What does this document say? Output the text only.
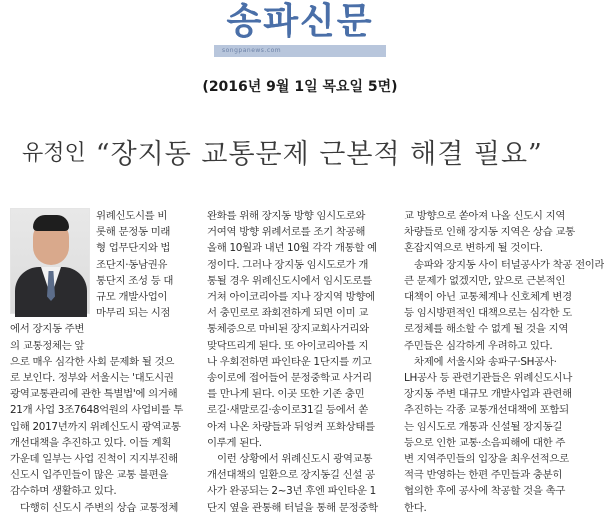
송파신문
songpanews.com
(2016년 9월 1일 목요일 5면)
유정인 “장지동 교통문제 근본적 해결 필요”
위례신도시를 비
롯해 문정동 미래
형 업무단지와 법
조단지·동남권유
통단지 조성 등 대
규모 개발사업이
마무리 되는 시점
에서 장지동 주변
의 교통정체는 앞
으로 매우 심각한 사회 문제화 될 것으
로 보인다. 정부와 서울시는 '대도시권
광역교통관리에 관한 특별법'에 의거해
21개 사업 3조7648억원의 사업비를 투
입해 2017년까지 위례신도시 광역교통
개선대책을 추진하고 있다. 이들 계획
가운데 일부는 사업 진척이 지지부진해
신도시 입주민들이 많은 교통 불편을
감수하며 생활하고 있다.
다행히 신도시 주변의 상습 교통정체
완화를 위해 장지동 방향 임시도로와
거여역 방향 위례서로를 조기 착공해
올해 10월과 내년 10월 각각 개통할 예
정이다. 그러나 장지동 임시도로가 개
통될 경우 위례신도시에서 임시도로를
거쳐 아이코리아를 지나 장지역 방향에
서 충민로로 좌회전하게 되면 이미 교
통체증으로 마비된 장지교회사거리와
맞닥뜨리게 된다. 또 아이코리아를 지
나 우회전하면 파인타운 1단지를 끼고
송이로에 접어들어 문정중학교 사거리
를 만나게 된다. 이곳 또한 기존 충민
로길·새말로길·송이로31길 등에서 쏟
아져 나온 차량들과 뒤엉켜 포화상태를
이루게 된다.
이런 상황에서 위례신도시 광역교통
개선대책의 일환으로 장지동길 신설 공
사가 완공되는 2~3년 후엔 파인타운 1
단지 옆을 관통해 터널을 통해 문정중학
교 방향으로 쏟아져 나올 신도시 지역
차량들로 인해 장지동 지역은 상습 교통
혼잡지역으로 변하게 될 것이다.
송파와 장지동 사이 터널공사가 착공 전이라
큰 문제가 없겠지만, 앞으로 근본적인
대책이 아닌 교통체계나 신호체계 변경
등 임시방편적인 대책으로는 심각한 도
로정체를 해소할 수 없게 될 것을 지역
주민들은 심각하게 우려하고 있다.
차제에 서울시와 송파구·SH공사·
LH공사 등 관련기관들은 위례신도시나
장지동 주변 대규모 개발사업과 관련해
추진하는 각종 교통개선대책에 포함되
는 임시도로 개통과 신설될 장지동길
등으로 인한 교통·소음피해에 대한 주
변 지역주민들의 입장을 최우선적으로
적극 반영하는 한편 주민들과 충분히
협의한 후에 공사에 착공할 것을 촉구
한다.
